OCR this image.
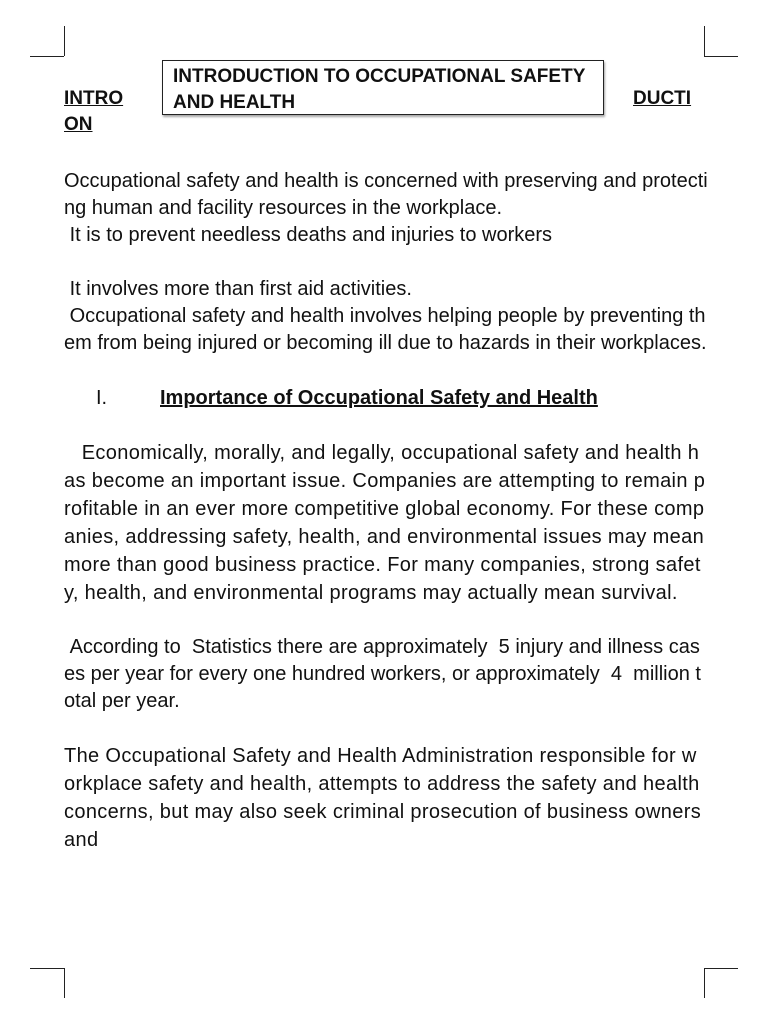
INTRO ON
INTRODUCTION TO OCCUPATIONAL SAFETY AND HEALTH	DUCTI

Occupational safety and health is concerned with preserving and protecting human and facility resources in the workplace.

It is to prevent needless deaths and injuries to workers

It involves more than first aid activities.

Occupational safety and health involves helping people by preventing them from being injured or becoming ill due to hazards in their workplaces.

I.	Importance of Occupational Safety and Health

Economically, morally, and legally, occupational safety and health has become an important issue. Companies are attempting to remain profitable in an ever more competitive global economy. For these companies, addressing safety, health, and environmental issues may mean more than good business practice. For many companies, strong safety, health, and environmental programs may actually mean survival.

According to  Statistics there are approximately  5 injury and illness cases per year for every one hundred workers, or approximately  4  million total per year.

The Occupational Safety and Health Administration responsible for workplace safety and health, attempts to address the safety and health concerns, but may also seek criminal prosecution of business owners and
